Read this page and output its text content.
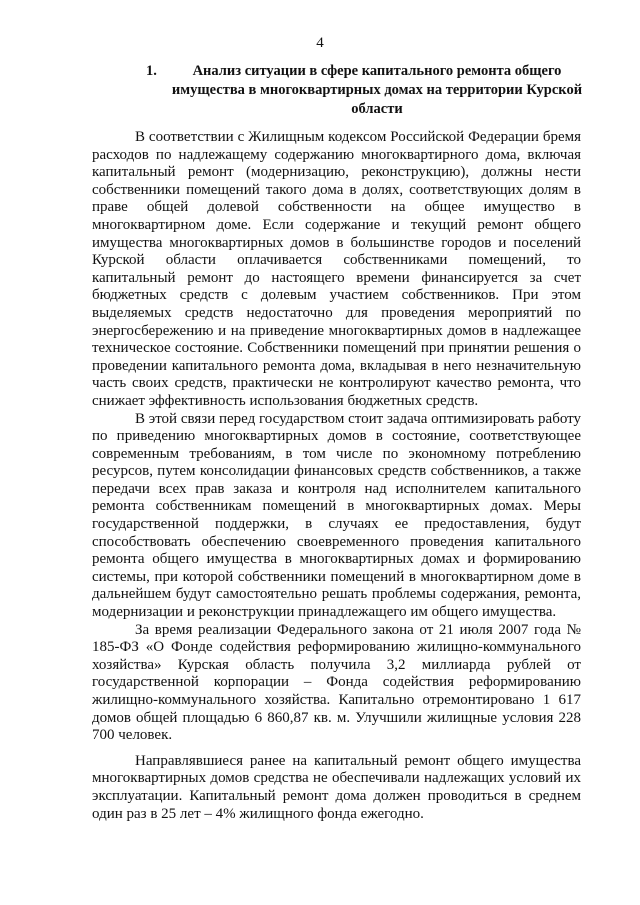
4
1.	Анализ ситуации в сфере капитального ремонта общего имущества в многоквартирных домах на территории Курской области

В соответствии с Жилищным кодексом Российской Федерации бремя расходов по надлежащему содержанию многоквартирного дома, включая капитальный ремонт (модернизацию, реконструкцию), должны нести собственники помещений такого дома в долях, соответствующих долям в праве общей долевой собственности на общее имущество в многоквартирном доме. Если содержание и текущий ремонт общего имущества многоквартирных домов в большинстве городов и поселений Курской области оплачивается собственниками помещений, то капитальный ремонт до настоящего времени финансируется за счет бюджетных средств с долевым участием собственников. При этом выделяемых средств недостаточно для проведения мероприятий по энергосбережению и на приведение многоквартирных домов в надлежащее техническое состояние. Собственники помещений при принятии решения о проведении капитального ремонта дома, вкладывая в него незначительную часть своих средств, практически не контролируют качество ремонта, что снижает эффективность использования бюджетных средств.

В этой связи перед государством стоит задача оптимизировать работу по приведению многоквартирных домов в состояние, соответствующее современным требованиям, в том числе по экономному потреблению ресурсов, путем консолидации финансовых средств собственников, а также передачи всех прав заказа и контроля над исполнителем капитального ремонта собственникам помещений в многоквартирных домах. Меры государственной поддержки, в случаях ее предоставления, будут способствовать обеспечению своевременного проведения капитального ремонта общего имущества в многоквартирных домах и формированию системы, при которой собственники помещений в многоквартирном доме в дальнейшем будут самостоятельно решать проблемы содержания, ремонта, модернизации и реконструкции принадлежащего им общего имущества.

За время реализации Федерального закона от 21 июля 2007 года № 185-ФЗ «О Фонде содействия реформированию жилищно-коммунального хозяйства» Курская область получила 3,2 миллиарда рублей от государственной корпорации – Фонда содействия реформированию жилищно-коммунального хозяйства. Капитально отремонтировано 1 617 домов общей площадью 6 860,87 кв. м. Улучшили жилищные условия 228 700 человек.

Направлявшиеся ранее на капитальный ремонт общего имущества многоквартирных домов средства не обеспечивали надлежащих условий их эксплуатации. Капитальный ремонт дома должен проводиться в среднем один раз в 25 лет – 4% жилищного фонда ежегодно.
